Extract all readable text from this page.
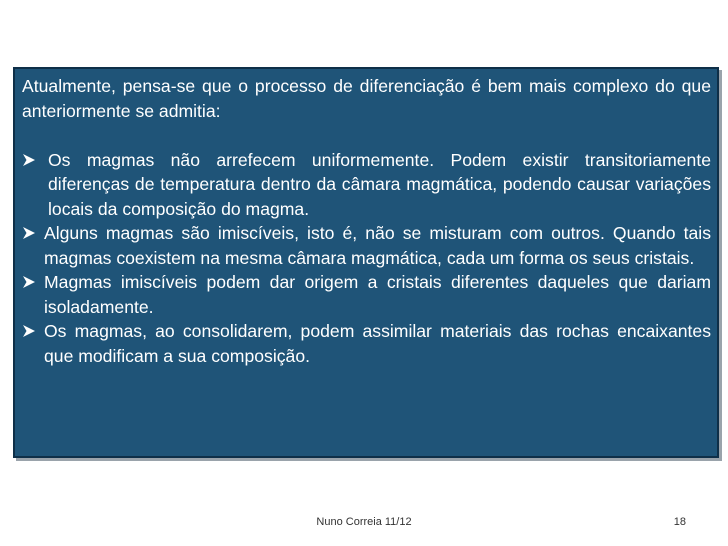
Atualmente, pensa-se que o processo de diferenciação é bem mais complexo do que anteriormente se admitia:

Os magmas não arrefecem uniformemente. Podem existir transitoriamente diferenças de temperatura dentro da câmara magmática, podendo causar variações locais da composição do magma.
Alguns magmas são imiscíveis, isto é, não se misturam com outros. Quando tais magmas coexistem na mesma câmara magmática, cada um forma os seus cristais.
Magmas imiscíveis podem dar origem a cristais diferentes daqueles que dariam isoladamente.
Os magmas, ao consolidarem, podem assimilar materiais das rochas encaixantes que modificam a sua composição.
Nuno Correia 11/12	18
